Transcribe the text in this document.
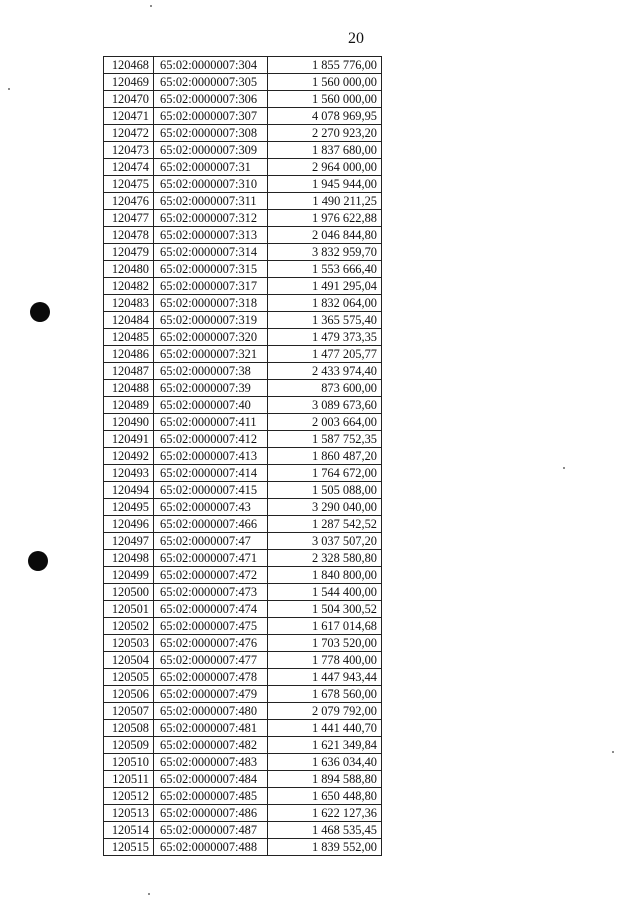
20
120468	65:02:0000007:304	1 855 776,00
120469	65:02:0000007:305	1 560 000,00
120470	65:02:0000007:306	1 560 000,00
120471	65:02:0000007:307	4 078 969,95
120472	65:02:0000007:308	2 270 923,20
120473	65:02:0000007:309	1 837 680,00
120474	65:02:0000007:31	2 964 000,00
120475	65:02:0000007:310	1 945 944,00
120476	65:02:0000007:311	1 490 211,25
120477	65:02:0000007:312	1 976 622,88
120478	65:02:0000007:313	2 046 844,80
120479	65:02:0000007:314	3 832 959,70
120480	65:02:0000007:315	1 553 666,40
120482	65:02:0000007:317	1 491 295,04
120483	65:02:0000007:318	1 832 064,00
120484	65:02:0000007:319	1 365 575,40
120485	65:02:0000007:320	1 479 373,35
120486	65:02:0000007:321	1 477 205,77
120487	65:02:0000007:38	2 433 974,40
120488	65:02:0000007:39	873 600,00
120489	65:02:0000007:40	3 089 673,60
120490	65:02:0000007:411	2 003 664,00
120491	65:02:0000007:412	1 587 752,35
120492	65:02:0000007:413	1 860 487,20
120493	65:02:0000007:414	1 764 672,00
120494	65:02:0000007:415	1 505 088,00
120495	65:02:0000007:43	3 290 040,00
120496	65:02:0000007:466	1 287 542,52
120497	65:02:0000007:47	3 037 507,20
120498	65:02:0000007:471	2 328 580,80
120499	65:02:0000007:472	1 840 800,00
120500	65:02:0000007:473	1 544 400,00
120501	65:02:0000007:474	1 504 300,52
120502	65:02:0000007:475	1 617 014,68
120503	65:02:0000007:476	1 703 520,00
120504	65:02:0000007:477	1 778 400,00
120505	65:02:0000007:478	1 447 943,44
120506	65:02:0000007:479	1 678 560,00
120507	65:02:0000007:480	2 079 792,00
120508	65:02:0000007:481	1 441 440,70
120509	65:02:0000007:482	1 621 349,84
120510	65:02:0000007:483	1 636 034,40
120511	65:02:0000007:484	1 894 588,80
120512	65:02:0000007:485	1 650 448,80
120513	65:02:0000007:486	1 622 127,36
120514	65:02:0000007:487	1 468 535,45
120515	65:02:0000007:488	1 839 552,00
